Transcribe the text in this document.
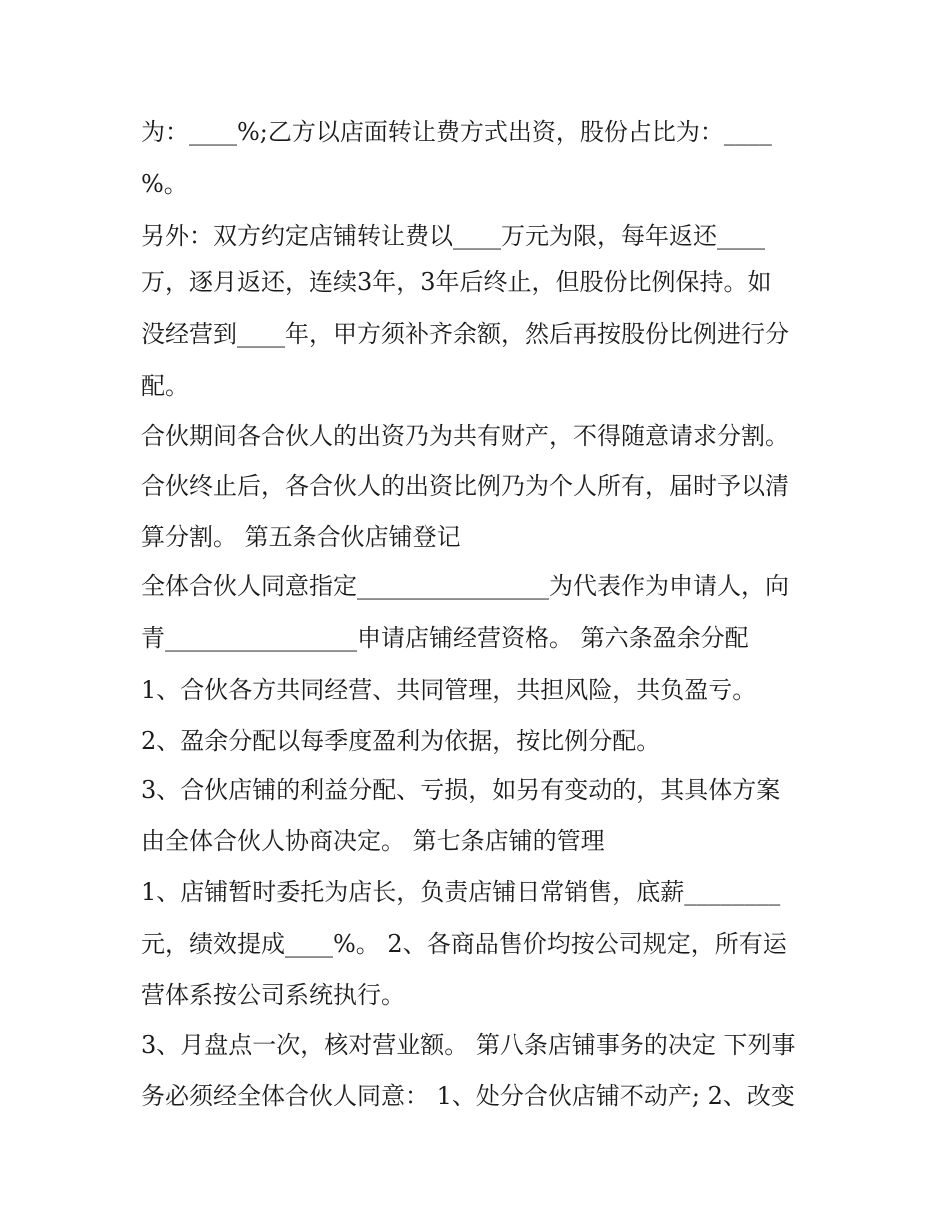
为：____%;乙方以店面转让费方式出资，股份占比为：____
%。
另外：双方约定店铺转让费以____万元为限，每年返还____
万，逐月返还，连续3年，3年后终止，但股份比例保持。如
没经营到____年，甲方须补齐余额，然后再按股份比例进行分
配。
合伙期间各合伙人的出资乃为共有财产，不得随意请求分割。
合伙终止后，各合伙人的出资比例乃为个人所有，届时予以清
算分割。 第五条合伙店铺登记
全体合伙人同意指定________________为代表作为申请人，向
青________________申请店铺经营资格。 第六条盈余分配
1、合伙各方共同经营、共同管理，共担风险，共负盈亏。
2、盈余分配以每季度盈利为依据，按比例分配。
3、合伙店铺的利益分配、亏损，如另有变动的，其具体方案
由全体合伙人协商决定。 第七条店铺的管理
1、店铺暂时委托为店长，负责店铺日常销售，底薪________
元，绩效提成____%。 2、各商品售价均按公司规定，所有运
营体系按公司系统执行。
3、月盘点一次，核对营业额。 第八条店铺事务的决定 下列事
务必须经全体合伙人同意： 1、处分合伙店铺不动产; 2、改变
